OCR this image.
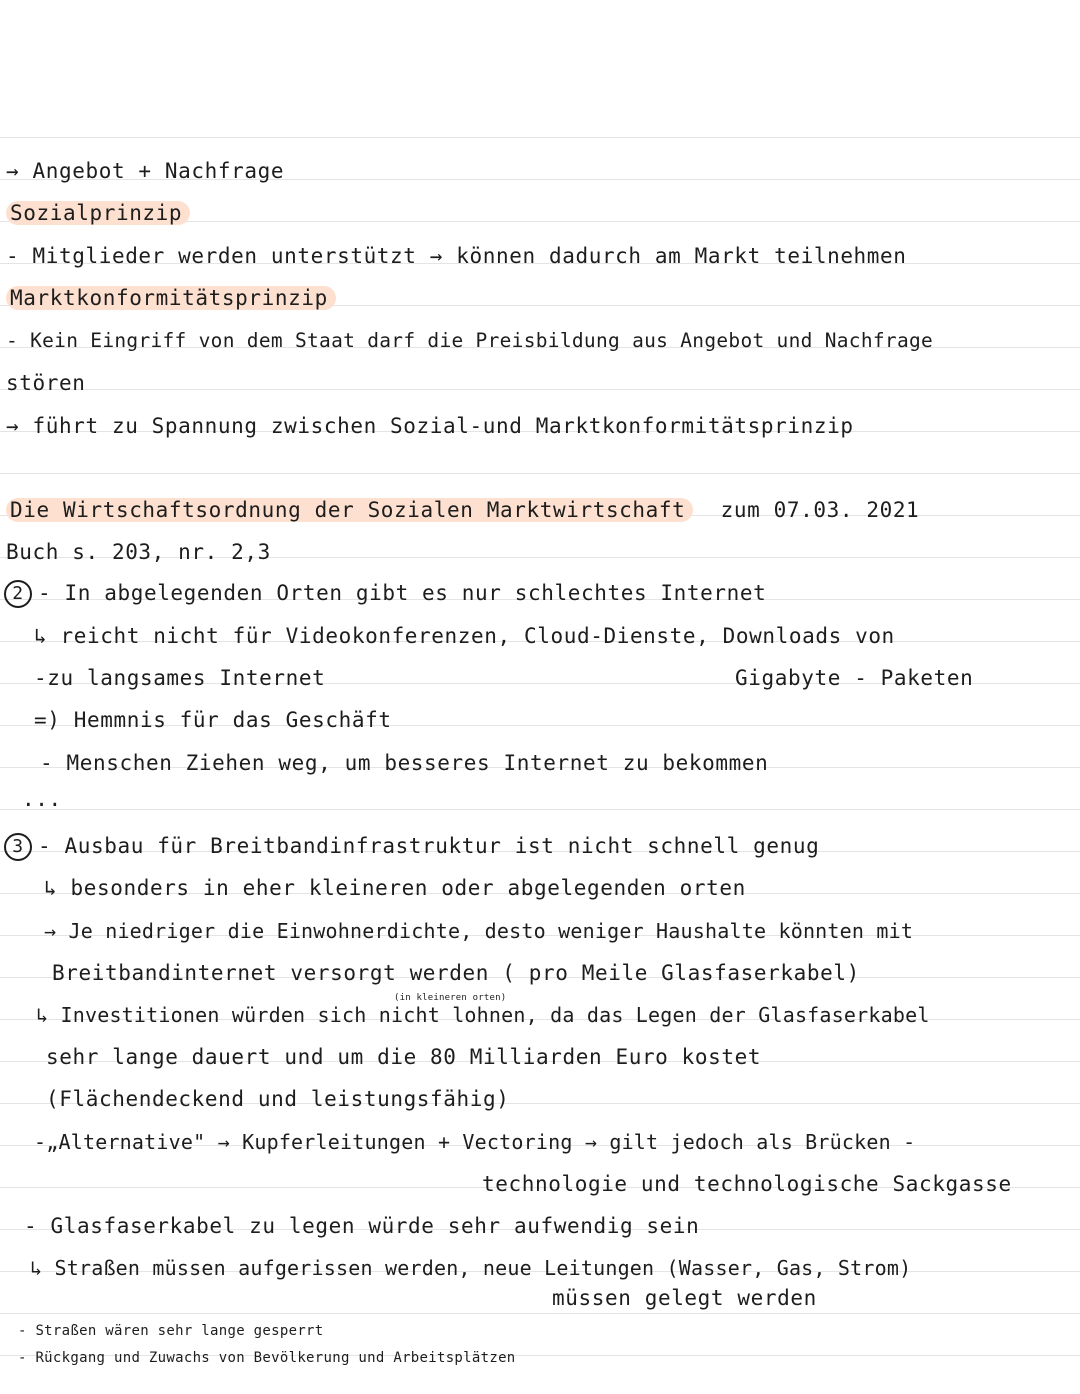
→ Angebot + Nachfrage
Sozialprinzip
- Mitglieder werden unterstützt → können dadurch am Markt teilnehmen
Marktkonformitätsprinzip
- Kein Eingriff von dem Staat darf die Preisbildung aus Angebot und Nachfrage
stören
→ führt zu Spannung zwischen Sozial-und Marktkonformitätsprinzip
Die Wirtschaftsordnung der Sozialen Marktwirtschaft zum 07.03. 2021
Buch s. 203, nr. 2,3
2 - In abgelegenden Orten gibt es nur schlechtes Internet
↳ reicht nicht für Videokonferenzen, Cloud-Dienste, Downloads von
-zu langsames Internet	Gigabyte - Paketen
=) Hemmnis für das Geschäft
- Menschen Ziehen weg, um besseres Internet zu bekommen
...
3 - Ausbau für Breitbandinfrastruktur ist nicht schnell genug
↳ besonders in eher kleineren oder abgelegenden orten
→ Je niedriger die Einwohnerdichte, desto weniger Haushalte könnten mit
Breitbandinternet versorgt werden ( pro Meile Glasfaserkabel)
(in kleineren orten)
↳ Investitionen würden sich nicht lohnen, da das Legen der Glasfaserkabel
sehr lange dauert und um die 80 Milliarden Euro kostet
(Flächendeckend und leistungsfähig)
-„Alternative" → Kupferleitungen + Vectoring → gilt jedoch als Brücken -
technologie und technologische Sackgasse
- Glasfaserkabel zu legen würde sehr aufwendig sein
↳ Straßen müssen aufgerissen werden, neue Leitungen (Wasser, Gas, Strom)
müssen gelegt werden
- Straßen wären sehr lange gesperrt
- Rückgang und Zuwachs von Bevölkerung und Arbeitsplätzen
